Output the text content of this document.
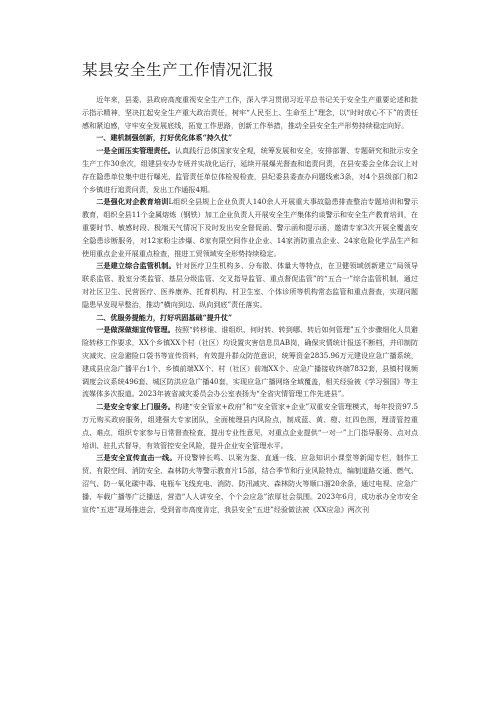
某县安全生产工作情况汇报

近年来，县委、县政府高度重视安全生产工作，深入学习贯彻习近平总书记关于安全生产重要论述和批示指示精神，坚决扛起安全生产重大政治责任，树牢“人民至上、生命至上”理念，以“时时放心不下”的责任感和紧迫感，守牢安全发展底线，拓宽工作思路，创新工作举措，推动全县安全生产形势持续稳定向好。

一、建机制强创新，打好优化体系“持久仗”

一是全面压实管理责任。认真践行总体国家安全观，统筹发展和安全，安排部署、专题研究和批示安全生产工作30余次，组建县安办专班并实战化运行，延续开展爆光督查和追责问责，在县安委会全体会议上对存在隐患单位集中进行曝光，监管责任单位体检视检查，县纪委县委查办问题线索3条，对4个县级部门和2个乡镇进行追责问责，发出工作通报4期。

二是强化对企教育培训L组织全县规上企业负责人140余人开展重大事故隐患排查整治专题培训和警示教育，组织全县11个金属熔炼（钢铁）加工企业负责人开展安全生产集体约谈警示和安全生产教育培训，在重要时节、敏感时段、极端天气情况下及时发出安全督促函、警示函和提示函，邀请专家3次开展全覆盖安全隐患诊断服务，对12家粉尘涉爆、8家有限空间作业企业、14家消防重点企业、24家危险化学品生产和使用重点企业开展重点检查，推进工贸领域安全形势持续稳定。

三是建立综合监管机制。针对医疗卫生机构多、分布散、体量大等特点，在卫健领域创新建立“局领导联系监管、股室分类监管、基层分级监管、交叉指导监管、重点督促监管”的“五合一”综合监管机制，通过对社区卫生、民营医疗、医养康养、托育机构、村卫生室、个体诊所等机构常态监管和重点督查，实现问题隐患早发现早整治，推动“横向到边、纵向到底”责任落实。

二、优服务提能力，打好巩固基础“提升仗”

一是做深做细宣传管理。按照“转移谁、谁组织、何时转、转到哪、转后如何管理”五个步骤细化人员避险转移工作要求，XX个乡镇XX个村（社区）均设置灾害信息员AB岗，确保灾情统计报送不断档，并印制防灾减灾、应急避险口袋书等宣传资料，有效提升群众防范意识，统筹资金2835.96万元建设应急广播系统，建成县应急广播平台1个、乡镇前端XX个、村（社区）前端XX个、应急广播接收终端7832套，县镇村视频调度会议系统496套、城区防洪应急广播40套，实现应急广播网络全域覆盖，相关经验被《学习强国》等主流媒体多次报道。2023年被省减灾委员会办公室表扬为“全省灾情管理工作先进县”。

二是安全专家上门服务。构建“安全管家+政府”和“安全管家+企业”双重安全管理模式，每年投资97.5万元购买政府服务，组建强大专家团队，全面梳理县内风险点，制成蓝、黄、橙、红四色图，理清管控重点、难点，组织专家参与日常督查检查，提出专业性意见，对重点企业提供“一对一”上门指导服务、点对点培训、驻扎式督导，有效管控安全风险，提升企业安全管理水平。

三是安全宣传直击一线。开设警钟长鸣、以案为鉴、直通一线、应急知识小课堂等新闻专栏，制作工贸、有限空间、消防安全、森林防火等警示教育片15部，结合季节和行业风险特点，编制道路交通、燃气、沼气、防一氧化碳中毒、电瓶车飞线充电、消防、防汛减灾、森林防火等顺口溜20余条，通过电视、应急广播、车载广播等广泛播送，营造“人人讲安全、个个会应急”浓厚社会氛围。2023年6月，成功承办全市安全宣传“五进”现场推进会，受到省市高度肯定，我县安全“五进”经验做法被《XX应急》两次刊
